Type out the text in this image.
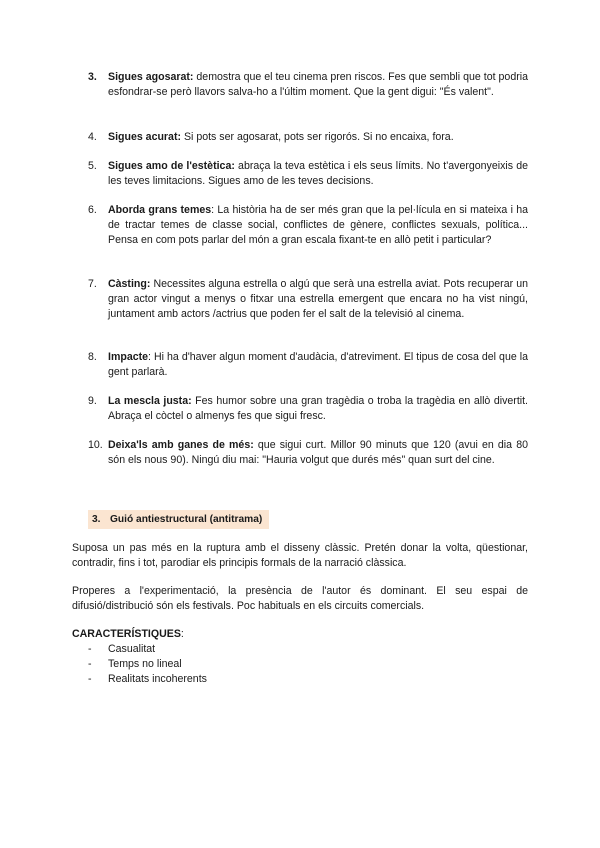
3.	Sigues agosarat: demostra que el teu cinema pren riscos. Fes que sembli que tot podria esfondrar-se però llavors salva-ho a l'últim moment. Que la gent digui: "És valent".
4.	Sigues acurat: Si pots ser agosarat, pots ser rigorós. Si no encaixa, fora.
5.	Sigues amo de l'estètica: abraça la teva estètica i els seus límits. No t'avergonyeixis de les teves limitacions. Sigues amo de les teves decisions.
6.	Aborda grans temes: La història ha de ser més gran que la pel·lícula en si mateixa i ha de tractar temes de classe social, conflictes de gènere, conflictes sexuals, política... Pensa en com pots parlar del món a gran escala fixant-te en allò petit i particular?
7.	Càsting: Necessites alguna estrella o algú que serà una estrella aviat. Pots recuperar un gran actor vingut a menys o fitxar una estrella emergent que encara no ha vist ningú, juntament amb actors /actrius que poden fer el salt de la televisió al cinema.
8.	Impacte: Hi ha d'haver algun moment d'audàcia, d'atreviment. El tipus de cosa del que la gent parlarà.
9.	La mescla justa: Fes humor sobre una gran tragèdia o troba la tragèdia en allò divertit. Abraça el còctel o almenys fes que sigui fresc.
10. Deixa'ls amb ganes de més: que sigui curt. Millor 90 minuts que 120 (avui en dia 80 són els nous 90). Ningú diu mai: "Hauria volgut que durés més" quan surt del cine.
3. Guió antiestructural (antitrama)
Suposa un pas més en la ruptura amb el disseny clàssic. Pretén donar la volta, qüestionar, contradir, fins i tot, parodiar els principis formals de la narració clàssica.
Properes a l'experimentació, la presència de l'autor és dominant. El seu espai de difusió/distribució són els festivals. Poc habituals en els circuits comercials.
CARACTERÍSTIQUES:
- Casualitat
- Temps no lineal
- Realitats incoherents
